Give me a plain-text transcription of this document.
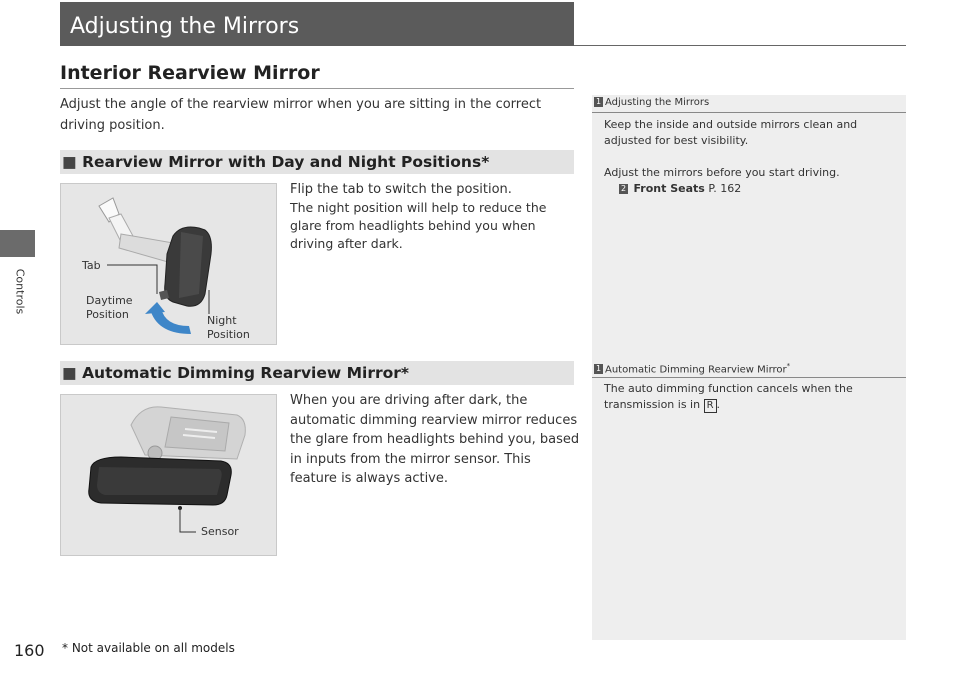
Controls
Adjusting the Mirrors
Interior Rearview Mirror
Adjust the angle of the rearview mirror when you are sitting in the correct driving position.
■ Rearview Mirror with Day and Night Positions*
Tab
Daytime
Position	Night
Position
Flip the tab to switch the position.
The night position will help to reduce the glare from headlights behind you when driving after dark.
■ Automatic Dimming Rearview Mirror*
Sensor
When you are driving after dark, the automatic dimming rearview mirror reduces the glare from headlights behind you, based in inputs from the mirror sensor. This feature is always active.
1 Adjusting the Mirrors
Keep the inside and outside mirrors clean and adjusted for best visibility.
Adjust the mirrors before you start driving.
2 Front Seats P. 162
1 Automatic Dimming Rearview Mirror*
The auto dimming function cancels when the transmission is in R .
160 * Not available on all models
